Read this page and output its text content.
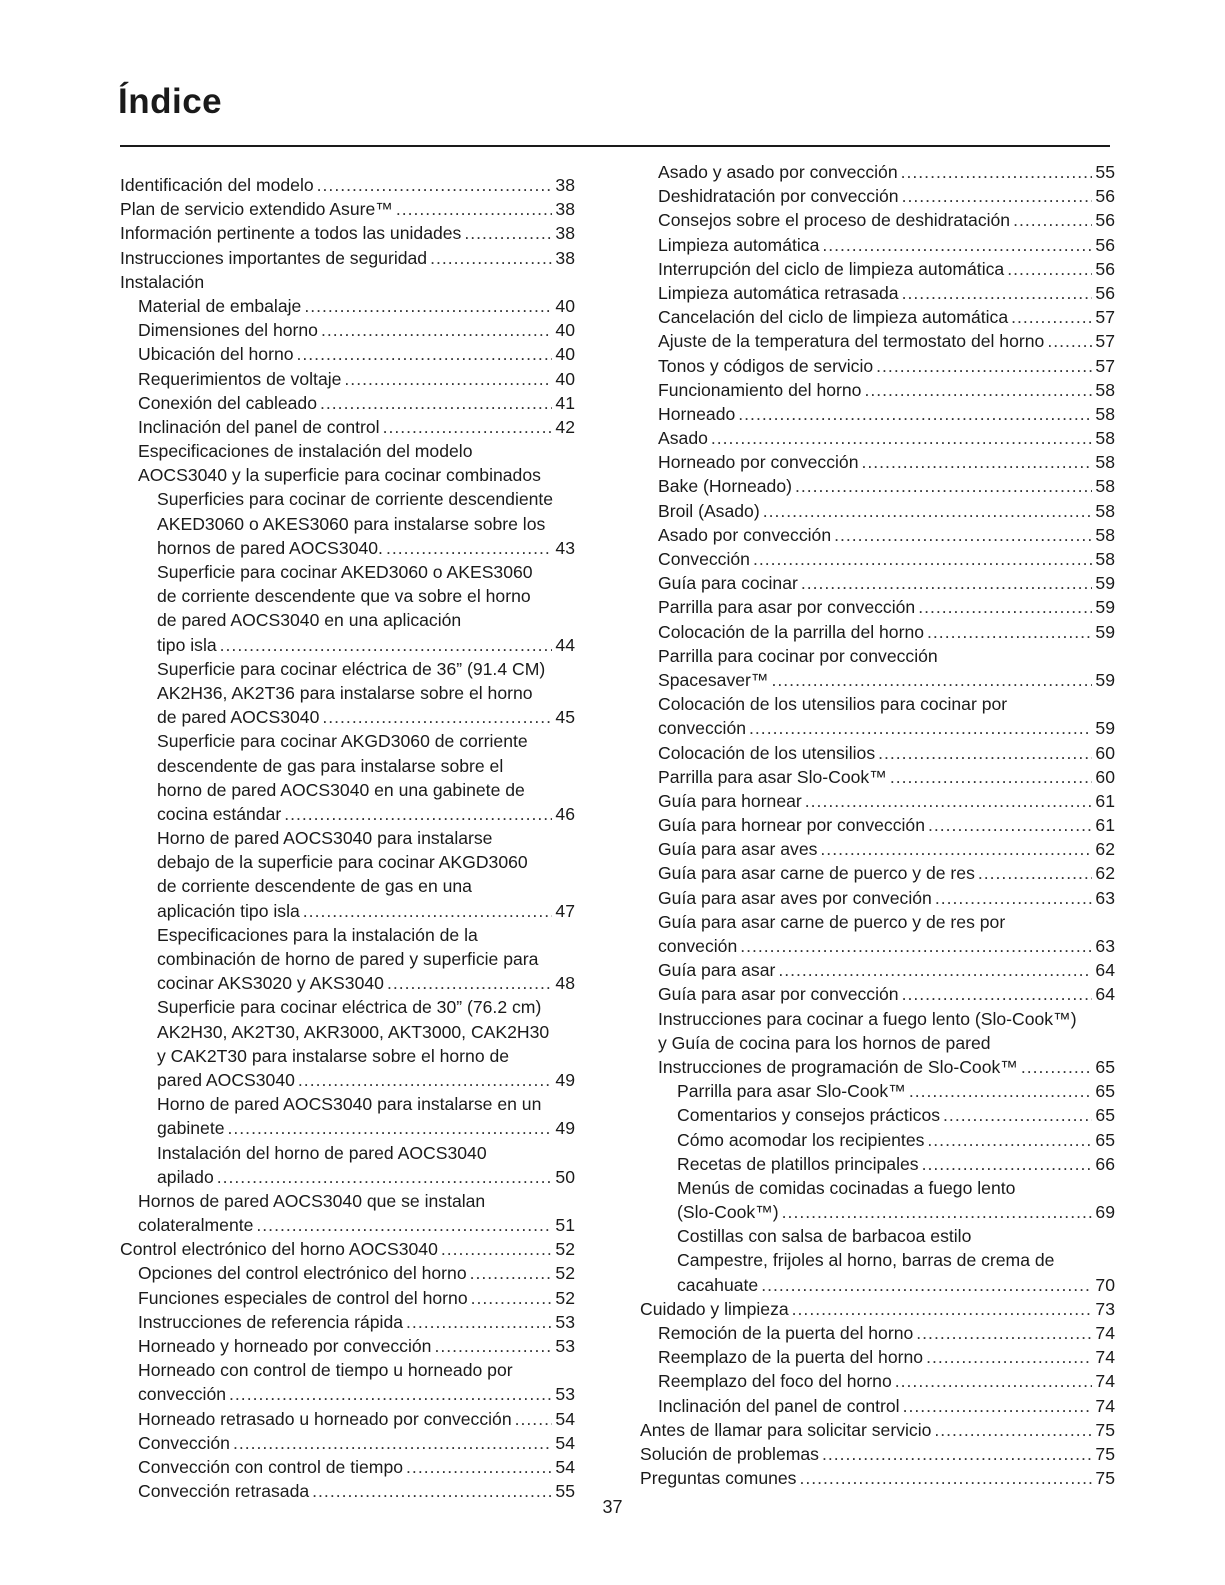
Índice
Identificación del modelo .....	38
Plan de servicio extendido Asure™ .....	38
Información pertinente a todos las unidades .....	38
Instrucciones importantes de seguridad .....	38
Instalación
Material de embalaje .....	40
Dimensiones del horno .....	40
Ubicación del horno .....	40
Requerimientos de voltaje .....	40
Conexión del cableado .....	41
Inclinación del panel de control .....	42
Especificaciones de instalación del modelo
AOCS3040 y la superficie para cocinar combinados
Superficies para cocinar de corriente descendiente
AKED3060 o AKES3060 para instalarse sobre los
hornos de pared AOCS3040. .....	43
Superficie para cocinar AKED3060 o AKES3060
de corriente descendente que va sobre el horno
de pared AOCS3040 en una aplicación
tipo isla .....	44
Superficie para cocinar eléctrica de 36” (91.4 CM)
AK2H36, AK2T36 para instalarse sobre el horno
de pared AOCS3040 .....	45
Superficie para cocinar AKGD3060 de corriente
descendente de gas para instalarse sobre el
horno de pared AOCS3040 en una gabinete de
cocina estándar .....	46
Horno de pared AOCS3040 para instalarse
debajo de la superficie para cocinar AKGD3060
de corriente descendente de gas en una
aplicación tipo isla .....	47
Especificaciones para la instalación de la
combinación de horno de pared y superficie para
cocinar AKS3020 y AKS3040 .....	48
Superficie para cocinar eléctrica de 30” (76.2 cm)
AK2H30, AK2T30, AKR3000, AKT3000, CAK2H30
y CAK2T30 para instalarse sobre el horno de
pared AOCS3040 .....	49
Horno de pared AOCS3040 para instalarse en un
gabinete .....	49
Instalación del horno de pared AOCS3040
apilado .....	50
Hornos de pared AOCS3040 que se instalan
colateralmente .....	51
Control electrónico del horno AOCS3040 .....	52
Opciones del control electrónico del horno .....	52
Funciones especiales de control del horno .....	52
Instrucciones de referencia rápida .....	53
Horneado y horneado por convección .....	53
Horneado con control de tiempo u horneado por
convección .....	53
Horneado retrasado u horneado por convección ..... 54
Convección .....	54
Convección con control de tiempo .....	54
Convección retrasada .....	55
Asado y asado por convección .....	55
Deshidratación por convección .....	56
Consejos sobre el proceso de deshidratación .....	56
Limpieza automática .....	56
Interrupción del ciclo de limpieza automática .....	56
Limpieza automática retrasada .....	56
Cancelación del ciclo de limpieza automática .....	57
Ajuste de la temperatura del termostato del horno .....	57
Tonos y códigos de servicio .....	57
Funcionamiento del horno .....	58
Horneado .....	58
Asado .....	58
Horneado por convección .....	58
Bake (Horneado) .....	58
Broil (Asado) .....	58
Asado por convección .....	58
Convección .....	58
Guía para cocinar .....	59
Parrilla para asar por convección .....	59
Colocación de la parrilla del horno .....	59
Parrilla para cocinar por convección
Spacesaver™ .....	59
Colocación de los utensilios para cocinar por
convección .....	59
Colocación de los utensilios .....	60
Parrilla para asar Slo-Cook™ .....	60
Guía para hornear .....	61
Guía para hornear por convección .....	61
Guía para asar aves .....	62
Guía para asar carne de puerco y de res .....	62
Guía para asar aves por conveción .....	63
Guía para asar carne de puerco y de res por
conveción .....	63
Guía para asar .....	64
Guía para asar por convección .....	64
Instrucciones para cocinar a fuego lento (Slo-Cook™)
y Guía de cocina para los hornos de pared
Instrucciones de programación de Slo-Cook™ .....	65
Parrilla para asar Slo-Cook™ .....	65
Comentarios y consejos prácticos .....	65
Cómo acomodar los recipientes .....	65
Recetas de platillos principales .....	66
Menús de comidas cocinadas a fuego lento
(Slo-Cook™) .....	69
Costillas con salsa de barbacoa estilo
Campestre, frijoles al horno, barras de crema de
cacahuate .....	70
Cuidado y limpieza .....	73
Remoción de la puerta del horno .....	74
Reemplazo de la puerta del horno .....	74
Reemplazo del foco del horno .....	74
Inclinación del panel de control .....	74
Antes de llamar para solicitar servicio .....	75
Solución de problemas .....	75
Preguntas comunes .....	75
37
